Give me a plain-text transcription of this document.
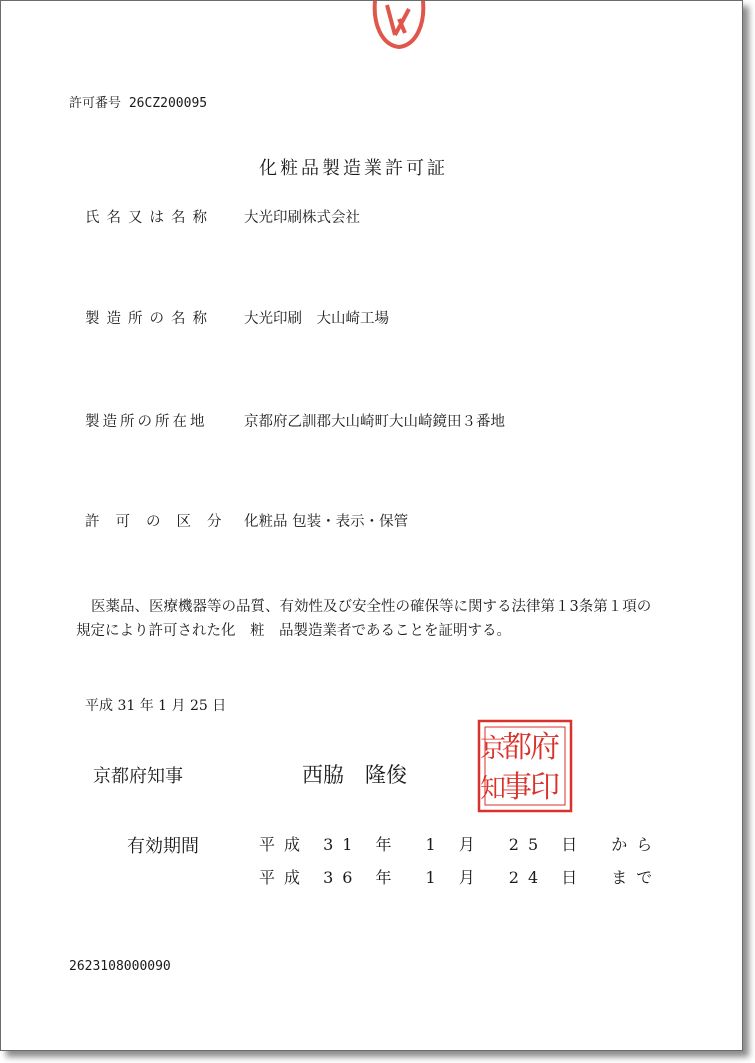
許可番号 26CZ200095
化粧品製造業許可証
氏名又は名称 大光印刷株式会社
製造所の名称 大光印刷　大山崎工場
製造所の所在地	京都府乙訓郡大山崎町大山崎鏡田３番地
許可の区分 化粧品 包装・表示・保管
医薬品、医療機器等の品質、有効性及び安全性の確保等に関する法律第１3条第１項の
規定により許可された化　粧　品製造業者であることを証明する。
平成 31 年 1 月 25 日
京都府知事	西脇　隆俊
府
都
京
印
事
知
有効期間	平成 31 年　1 月　25 日　から
平成 36 年　1 月　24 日　まで
2623108000090
